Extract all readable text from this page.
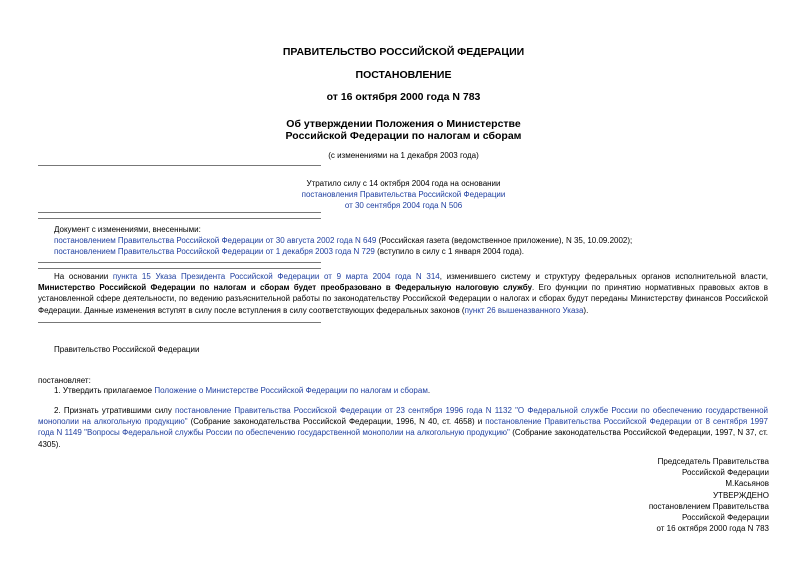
ПРАВИТЕЛЬСТВО РОССИЙСКОЙ ФЕДЕРАЦИИ
ПОСТАНОВЛЕНИЕ
от 16 октября 2000 года N 783
Об утверждении Положения о Министерстве
Российской Федерации по налогам и сборам
(с изменениями на 1 декабря 2003 года)
Утратило силу с 14 октября 2004 года на основании
постановления Правительства Российской Федерации
от 30 сентября 2004 года N 506
Документ с изменениями, внесенными:
постановлением Правительства Российской Федерации от 30 августа 2002 года N 649 (Российская газета (ведомственное приложение), N 35, 10.09.2002);
постановлением Правительства Российской Федерации от 1 декабря 2003 года N 729 (вступило в силу с 1 января 2004 года).
На основании пункта 15 Указа Президента Российской Федерации от 9 марта 2004 года N 314, изменившего систему и структуру федеральных органов исполнительной власти, Министерство Российской Федерации по налогам и сборам будет преобразовано в Федеральную налоговую службу. Его функции по принятию нормативных правовых актов в установленной сфере деятельности, по ведению разъяснительной работы по законодательству Российской Федерации о налогах и сборах будут переданы Министерству финансов Российской Федерации. Данные изменения вступят в силу после вступления в силу соответствующих федеральных законов (пункт 26 вышеназванного Указа).
Правительство Российской Федерации
постановляет:
1. Утвердить прилагаемое Положение о Министерстве Российской Федерации по налогам и сборам.
2. Признать утратившими силу постановление Правительства Российской Федерации от 23 сентября 1996 года N 1132 "О Федеральной службе России по обеспечению государственной монополии на алкогольную продукцию" (Собрание законодательства Российской Федерации, 1996, N 40, ст. 4658) и постановление Правительства Российской Федерации от 8 сентября 1997 года N 1149 "Вопросы Федеральной службы России по обеспечению государственной монополии на алкогольную продукцию" (Собрание законодательства Российской Федерации, 1997, N 37, ст. 4305).
Председатель Правительства
Российской Федерации
М.Касьянов
УТВЕРЖДЕНО
постановлением Правительства
Российской Федерации
от 16 октября 2000 года N 783
